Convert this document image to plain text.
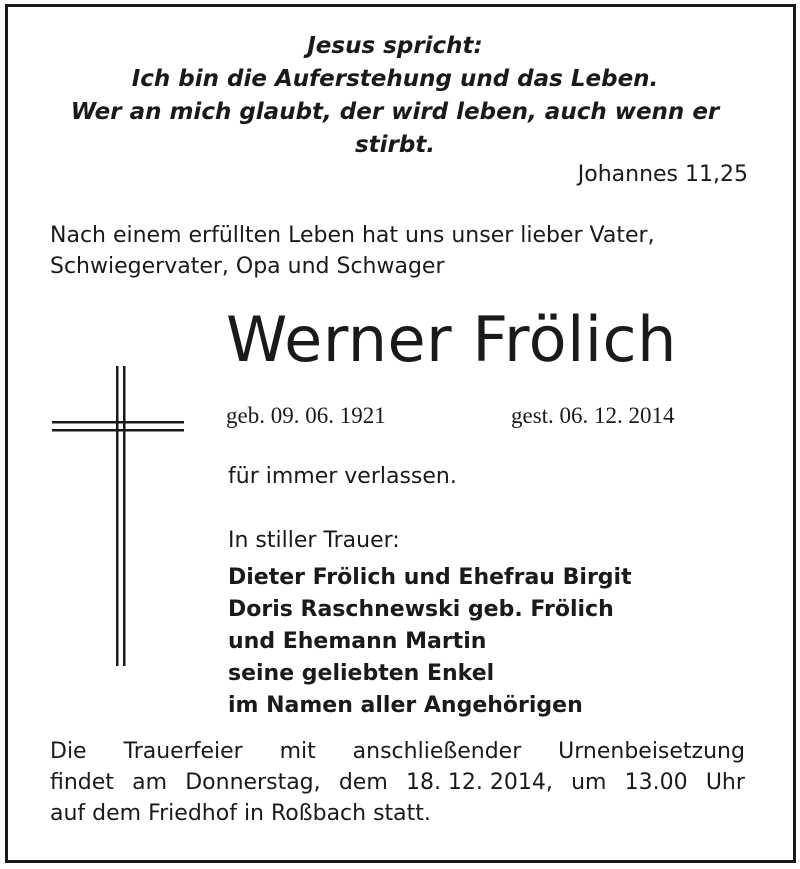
Jesus spricht:
Ich bin die Auferstehung und das Leben.
Wer an mich glaubt, der wird leben, auch wenn er
stirbt.
Johannes 11,25
Nach einem erfüllten Leben hat uns unser lieber Vater,
Schwiegervater, Opa und Schwager
Werner Frölich
geb. 09. 06. 1921	gest. 06. 12. 2014
für immer verlassen.
In stiller Trauer:
Dieter Frölich und Ehefrau Birgit
Doris Raschnewski geb. Frölich
und Ehemann Martin
seine geliebten Enkel
im Namen aller Angehörigen
Die Trauerfeier mit anschließender Urnenbeisetzung
findet am Donnerstag, dem 18. 12. 2014, um 13.00 Uhr
auf dem Friedhof in Roßbach statt.
